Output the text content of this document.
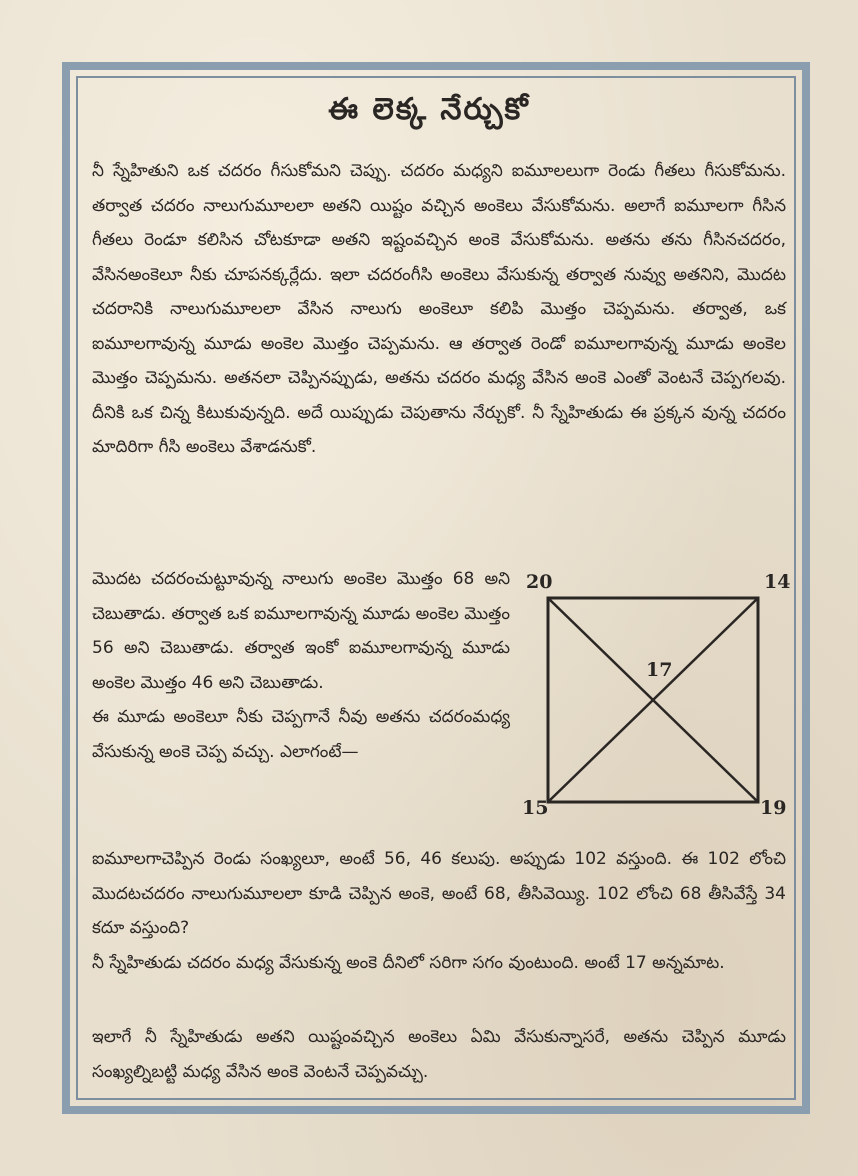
ఈ లెక్క నేర్చుకో

నీ స్నేహితుని ఒక చదరం గీసుకోమని చెప్పు. చదరం మధ్యని ఐమూలలుగా రెండు గీతలు గీసుకోమను. తర్వాత చదరం నాలుగుమూలలా అతని యిష్టం వచ్చిన అంకెలు వేసుకోమను. అలాగే ఐమూలగా గీసిన గీతలు రెండూ కలిసిన చోటకూడా అతని ఇష్టంవచ్చిన అంకె వేసుకోమను. అతను తను గీసినచదరం, వేసినఅంకెలూ నీకు చూపనక్కర్లేదు. ఇలా చదరంగీసి అంకెలు వేసుకున్న తర్వాత నువ్వు అతనిని, మొదట చదరానికి నాలుగుమూలలా వేసిన నాలుగు అంకెలూ కలిపి మొత్తం చెప్పమను. తర్వాత, ఒక ఐమూలగావున్న మూడు అంకెల మొత్తం చెప్పమను. ఆ తర్వాత రెండో ఐమూలగావున్న మూడు అంకెల మొత్తం చెప్పమను. అతనలా చెప్పినప్పుడు, అతను చదరం మధ్య వేసిన అంకె ఎంతో వెంటనే చెప్పగలవు. దీనికి ఒక చిన్న కిటుకువున్నది. అదే యిప్పుడు చెపుతాను నేర్చుకో. నీ స్నేహితుడు ఈ ప్రక్కన వున్న చదరం మాదిరిగా గీసి అంకెలు వేశాడనుకో.

మొదట చదరంచుట్టూవున్న నాలుగు అంకెల మొత్తం 68 అని చెబుతాడు. తర్వాత ఒక ఐమూలగావున్న మూడు అంకెల మొత్తం 56 అని చెబుతాడు. తర్వాత ఇంకో ఐమూలగావున్న మూడు అంకెల మొత్తం 46 అని చెబుతాడు.

ఈ మూడు అంకెలూ నీకు చెప్పగానే నీవు అతను చదరంమధ్య వేసుకున్న అంకె చెప్ప వచ్చు. ఎలాగంటే—

20	14
15	19
17

ఐమూలగాచెప్పిన రెండు సంఖ్యలూ, అంటే 56, 46 కలుపు. అప్పుడు 102 వస్తుంది. ఈ 102 లోంచి మొదటచదరం నాలుగుమూలలా కూడి చెప్పిన అంకె, అంటే 68, తీసివెయ్యి. 102 లోంచి 68 తీసివేస్తే 34 కదూ వస్తుంది?

నీ స్నేహితుడు చదరం మధ్య వేసుకున్న అంకె దీనిలో సరిగా సగం వుంటుంది. అంటే 17 అన్నమాట.

ఇలాగే నీ స్నేహితుడు అతని యిష్టంవచ్చిన అంకెలు ఏమి వేసుకున్నాసరే, అతను చెప్పిన మూడు సంఖ్యల్నిబట్టి మధ్య వేసిన అంకె వెంటనే చెప్పవచ్చు.
